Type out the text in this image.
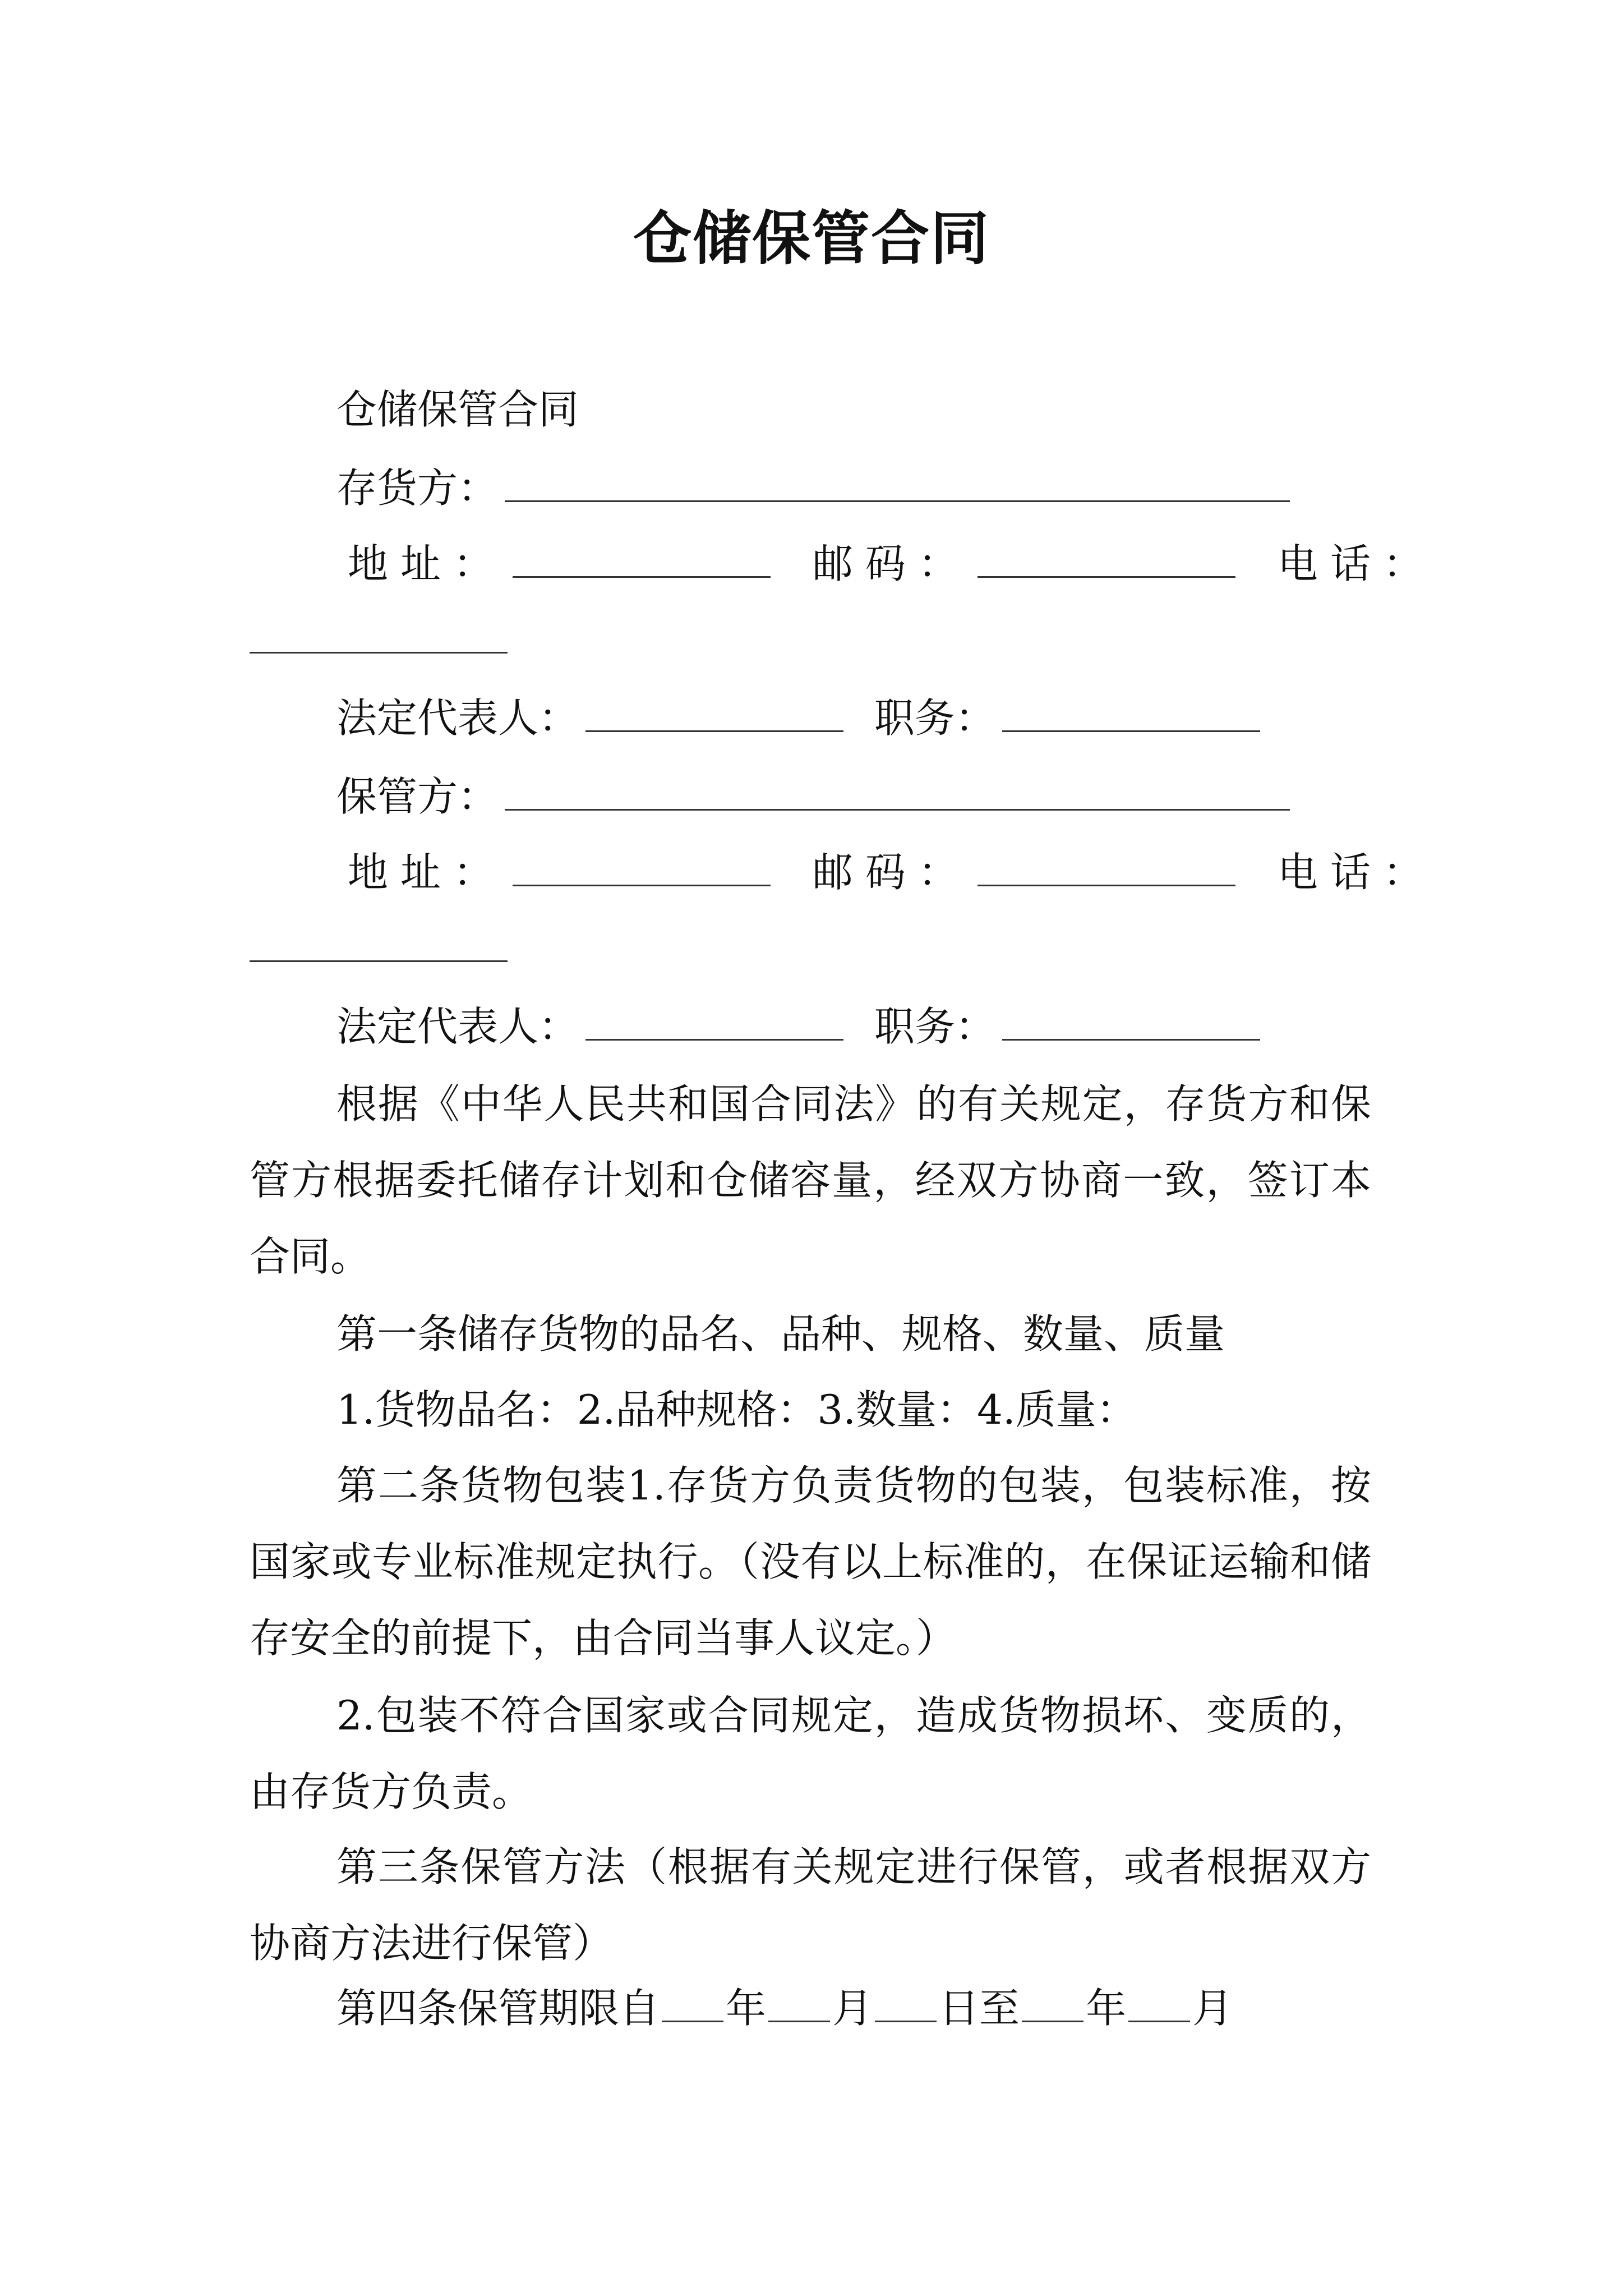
仓储保管合同
仓储保管合同
存货方：
地址：	邮码：	电话：
法定代表人：	职务：
保管方：
地址：	邮码：	电话：
法定代表人：	职务：
根据《中华人民共和国合同法》的有关规定，存货方和保管方根据委托储存计划和仓储容量，经双方协商一致，签订本合同。
第一条储存货物的品名、品种、规格、数量、质量
1.货物品名：2.品种规格：3.数量：4.质量：
第二条货物包装1.存货方负责货物的包装，包装标准，按国家或专业标准规定执行。（没有以上标准的，在保证运输和储存安全的前提下，由合同当事人议定。）
2.包装不符合国家或合同规定，造成货物损坏、变质的，由存货方负责。
第三条保管方法（根据有关规定进行保管，或者根据双方协商方法进行保管）
第四条保管期限自 年 月 日至 年 月
